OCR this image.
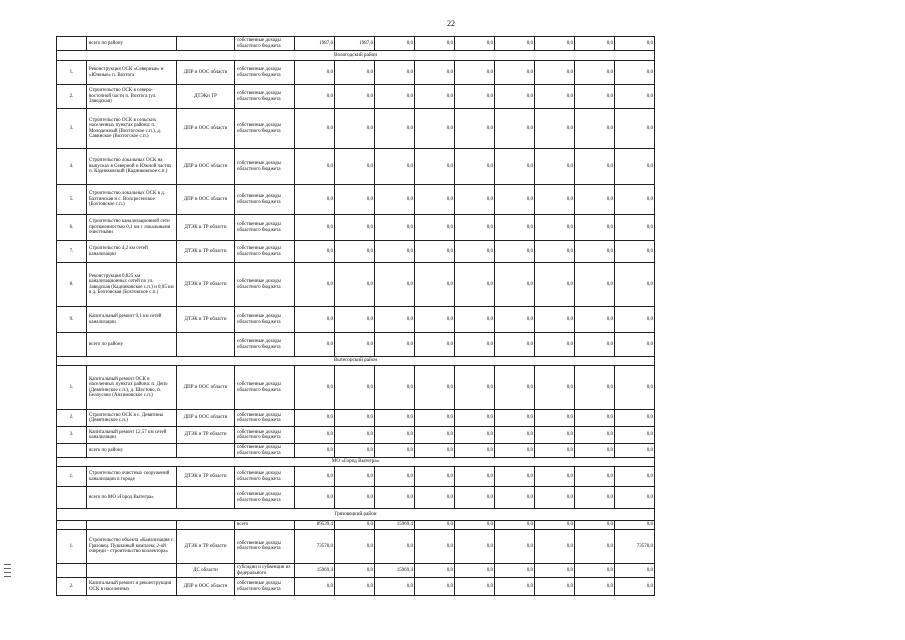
22
	всего по району		собственные доходы областного бюджета	1987,6	1987,6	0,0	0,0	0,0	0,0	0,0	0,0	0,0
Вологодский район												
1.	Реконструкция ОСК «Северные» и «Южные» п. Вохтога	ДПР и ООС области	собственные доходы областного бюджета	0,0	0,0	0,0	0,0	0,0	0,0	0,0	0,0	0,0
2.	Строительство ОСК в северо-восточной части п. Вохтога (ул. Заводская)	ДТЭКи ТР	собственные доходы областного бюджета	0,0	0,0	0,0	0,0	0,0	0,0	0,0	0,0	0,0
3.	Строительство ОСК в сельских населенных пунктах района: п. Молодежный (Вохтогское с.п.), д. Савинское (Вохтогское с.п.)	ДПР и ООС области	собственные доходы областного бюджета	0,0	0,0	0,0	0,0	0,0	0,0	0,0	0,0	0,0
4.	Строительство локальных ОСК на выпусках в Северной и Южной частях п. Кадниковский (Кадниковское с.п.)	ДПР и ООС области	собственные доходы областного бюджета	0,0	0,0	0,0	0,0	0,0	0,0	0,0	0,0	0,0
5.	Строительство локальных ОСК в д. Бахтинская и с. Воскресенское (Бохтовское с.п.)	ДПР и ООС области	собственные доходы областного бюджета	0,0	0,0	0,0	0,0	0,0	0,0	0,0	0,0	0,0
6.	Строительство канализационной сети протяженностью 0,1 км с локальными очистными	ДТЭК и ТР области	собственные доходы областного бюджета	0,0	0,0	0,0	0,0	0,0	0,0	0,0	0,0	0,0
7.	Строительство 4,2 км сетей канализации	ДТЭК и ТР области	собственные доходы областного бюджета	0,0	0,0	0,0	0,0	0,0	0,0	0,0	0,0	0,0
8.	Реконструкция 0,825 км канализационных сетей по ул. Заводская (Кадниковское с.п.) и 0,05 км в д. Бохтовская (Бохтовское с.п.)	ДТЭК и ТР области	собственные доходы областного бюджета	0,0	0,0	0,0	0,0	0,0	0,0	0,0	0,0	0,0
9.	Капитальный ремонт 9,1 км сетей канализации	ДТЭК и ТР области	собственные доходы областного бюджета	0,0	0,0	0,0	0,0	0,0	0,0	0,0	0,0	0,0
	всего по району		собственные доходы областного бюджета	0,0	0,0	0,0	0,0	0,0	0,0	0,0	0,0	0,0
Вытегорский район												
1.	Капитальный ремонт ОСК в населенных пунктах района: п. Депо (Девятинское с.п.), д. Шестово, п. Белоусово (Анхимовское с.п.)	ДПР и ООС области	собственные доходы областного бюджета	0,0	0,0	0,0	0,0	0,0	0,0	0,0	0,0	0,0
2.	Строительство ОСК в с. Девятины (Девятинское с.п.)	ДПР и ООС области	собственные доходы областного бюджета	0,0	0,0	0,0	0,0	0,0	0,0	0,0	0,0	0,0
3.	Капитальный ремонт 12,57 км сетей канализации	ДТЭК и ТР области	собственные доходы областного бюджета	0,0	0,0	0,0	0,0	0,0	0,0	0,0	0,0	0,0
	всего по району		собственные доходы областного бюджета	0,0	0,0	0,0	0,0	0,0	0,0	0,0	0,0	0,0
МО «Город Вытегра»												
1.	Строительство очистных сооружений канализации в городе	ДТЭК и ТР области	собственные доходы областного бюджета	0,0	0,0	0,0	0,0	0,0	0,0	0,0	0,0	0,0
	всего по МО «Город Вытегра»		собственные доходы областного бюджета	0,0	0,0	0,0	0,0	0,0	0,0	0,0	0,0	0,0
Грязовецкий район												
			всего	89539,4	0,0	15969,4	0,0	0,0	0,0	0,0	0,0	0,0
1.	Строительство объекта «Канализация г. Грязовец. Пушкиный комплекс 2-ой очереди - строительство коллектора»	ДТЭК и ТР области	собственные доходы областного бюджета	73570,0	0,0	0,0	0,0	0,0	0,0	0,0	0,0	73570,0
		ДС области	субсидии и субвенции из федерального	15969,4	0,0	15969,4	0,0	0,0	0,0	0,0	0,0	0,0
2.	Капитальный ремонт и реконструкция ОСК в населенных	ДПР и ООС области	собственные доходы областного бюджета	0,0	0,0	0,0	0,0	0,0	0,0	0,0	0,0	0,0
